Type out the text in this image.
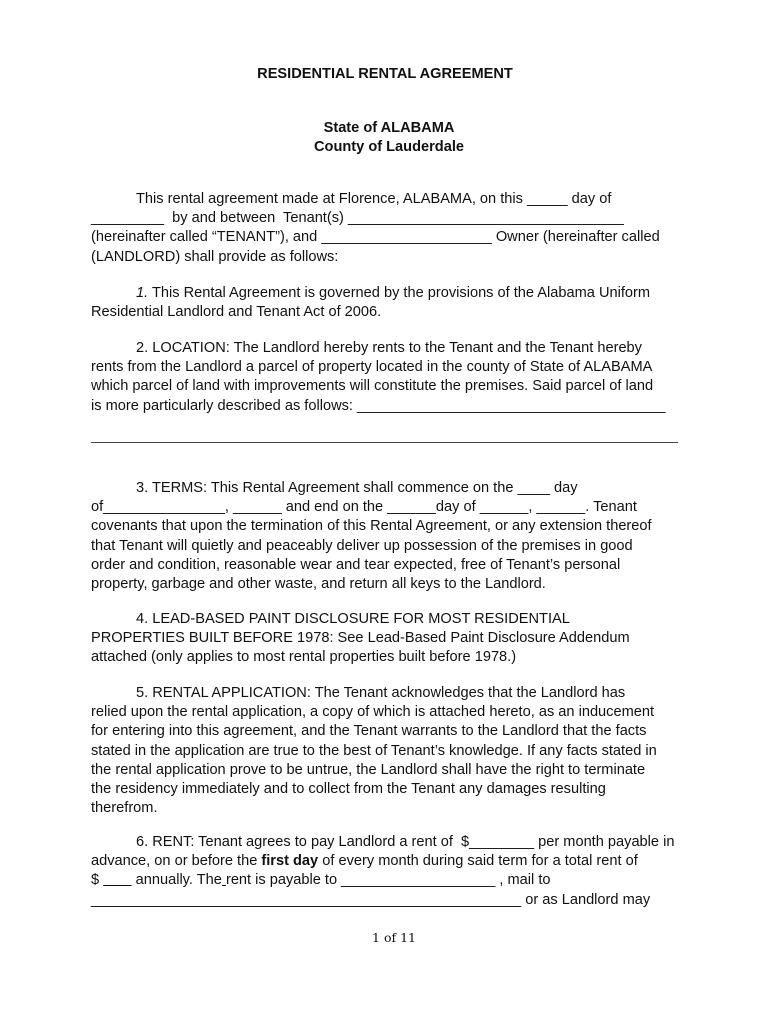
RESIDENTIAL RENTAL AGREEMENT
State of ALABAMA
County of Lauderdale
This rental agreement made at Florence, ALABAMA, on this _____ day of
_________  by and between  Tenant(s) __________________________________
(hereinafter called “TENANT”), and _____________________ Owner (hereinafter called
(LANDLORD) shall provide as follows:
1. This Rental Agreement is governed by the provisions of the Alabama Uniform
Residential Landlord and Tenant Act of 2006.
2. LOCATION: The Landlord hereby rents to the Tenant and the Tenant hereby
rents from the Landlord a parcel of property located in the county of State of ALABAMA
which parcel of land with improvements will constitute the premises. Said parcel of land
is more particularly described as follows: ______________________________________
3. TERMS: This Rental Agreement shall commence on the ____ day
of_______________, ______ and end on the ______day of ______, ______. Tenant
covenants that upon the termination of this Rental Agreement, or any extension thereof
that Tenant will quietly and peaceably deliver up possession of the premises in good
order and condition, reasonable wear and tear expected, free of Tenant’s personal
property, garbage and other waste, and return all keys to the Landlord.
4. LEAD-BASED PAINT DISCLOSURE FOR MOST RESIDENTIAL
PROPERTIES BUILT BEFORE 1978: See Lead-Based Paint Disclosure Addendum
attached (only applies to most rental properties built before 1978.)
5. RENTAL APPLICATION: The Tenant acknowledges that the Landlord has
relied upon the rental application, a copy of which is attached hereto, as an inducement
for entering into this agreement, and the Tenant warrants to the Landlord that the facts
stated in the application are true to the best of Tenant’s knowledge. If any facts stated in
the rental application prove to be untrue, the Landlord shall have the right to terminate
the residency immediately and to collect from the Tenant any damages resulting
therefrom.
6. RENT: Tenant agrees to pay Landlord a rent of  $________ per month payable in
advance, on or before the first day of every month during said term for a total rent of
$         annually. The rent is payable to ___________________ , mail to
_____________________________________________________ or as Landlord may
1 of 11
